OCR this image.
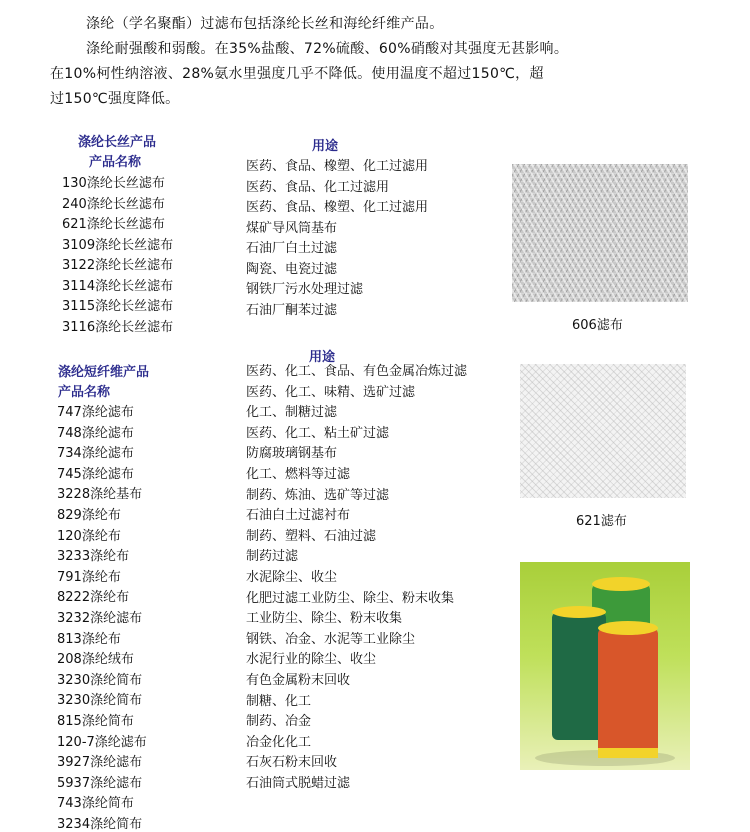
涤纶（学名聚酯）过滤布包括涤纶长丝和海纶纤维产品。
涤纶耐强酸和弱酸。在35%盐酸、72%硫酸、60%硝酸对其强度无甚影响。
在10%柯性纳溶液、28%氨水里强度几乎不降低。使用温度不超过150℃，超
过150℃强度降低。
涤纶长丝产品	用途
产品名称
130涤纶长丝滤布
240涤纶长丝滤布
621涤纶长丝滤布
3109涤纶长丝滤布
3122涤纶长丝滤布
3114涤纶长丝滤布
3115涤纶长丝滤布
3116涤纶长丝滤布
医药、食品、橡塑、化工过滤用
医药、食品、化工过滤用
医药、食品、橡塑、化工过滤用
煤矿导风筒基布
石油厂白土过滤
陶瓷、电瓷过滤
钢铁厂污水处理过滤
石油厂酮苯过滤
606滤布
涤纶短纤维产品
用途
产品名称
747涤纶滤布
748涤纶滤布
734涤纶滤布
745涤纶滤布
3228涤纶基布
829涤纶布
120涤纶布
3233涤纶布
791涤纶布
8222涤纶布
3232涤纶滤布
813涤纶布
208涤纶绒布
3230涤纶简布
3230涤纶简布
815涤纶简布
120-7涤纶滤布
3927涤纶滤布
5937涤纶滤布
743涤纶简布
3234涤纶简布
医药、化工、食品、有色金属冶炼过滤
医药、化工、味精、选矿过滤
化工、制糖过滤
医药、化工、粘土矿过滤
防腐玻璃钢基布
化工、燃料等过滤
制药、炼油、选矿等过滤
石油白土过滤衬布
制药、塑料、石油过滤
制药过滤
水泥除尘、收尘
化肥过滤工业防尘、除尘、粉末收集
工业防尘、除尘、粉末收集
钢铁、冶金、水泥等工业除尘
水泥行业的除尘、收尘
有色金属粉末回收
制糖、化工
制药、冶金
冶金化化工
石灰石粉末回收
石油筒式脱蜡过滤
621滤布
